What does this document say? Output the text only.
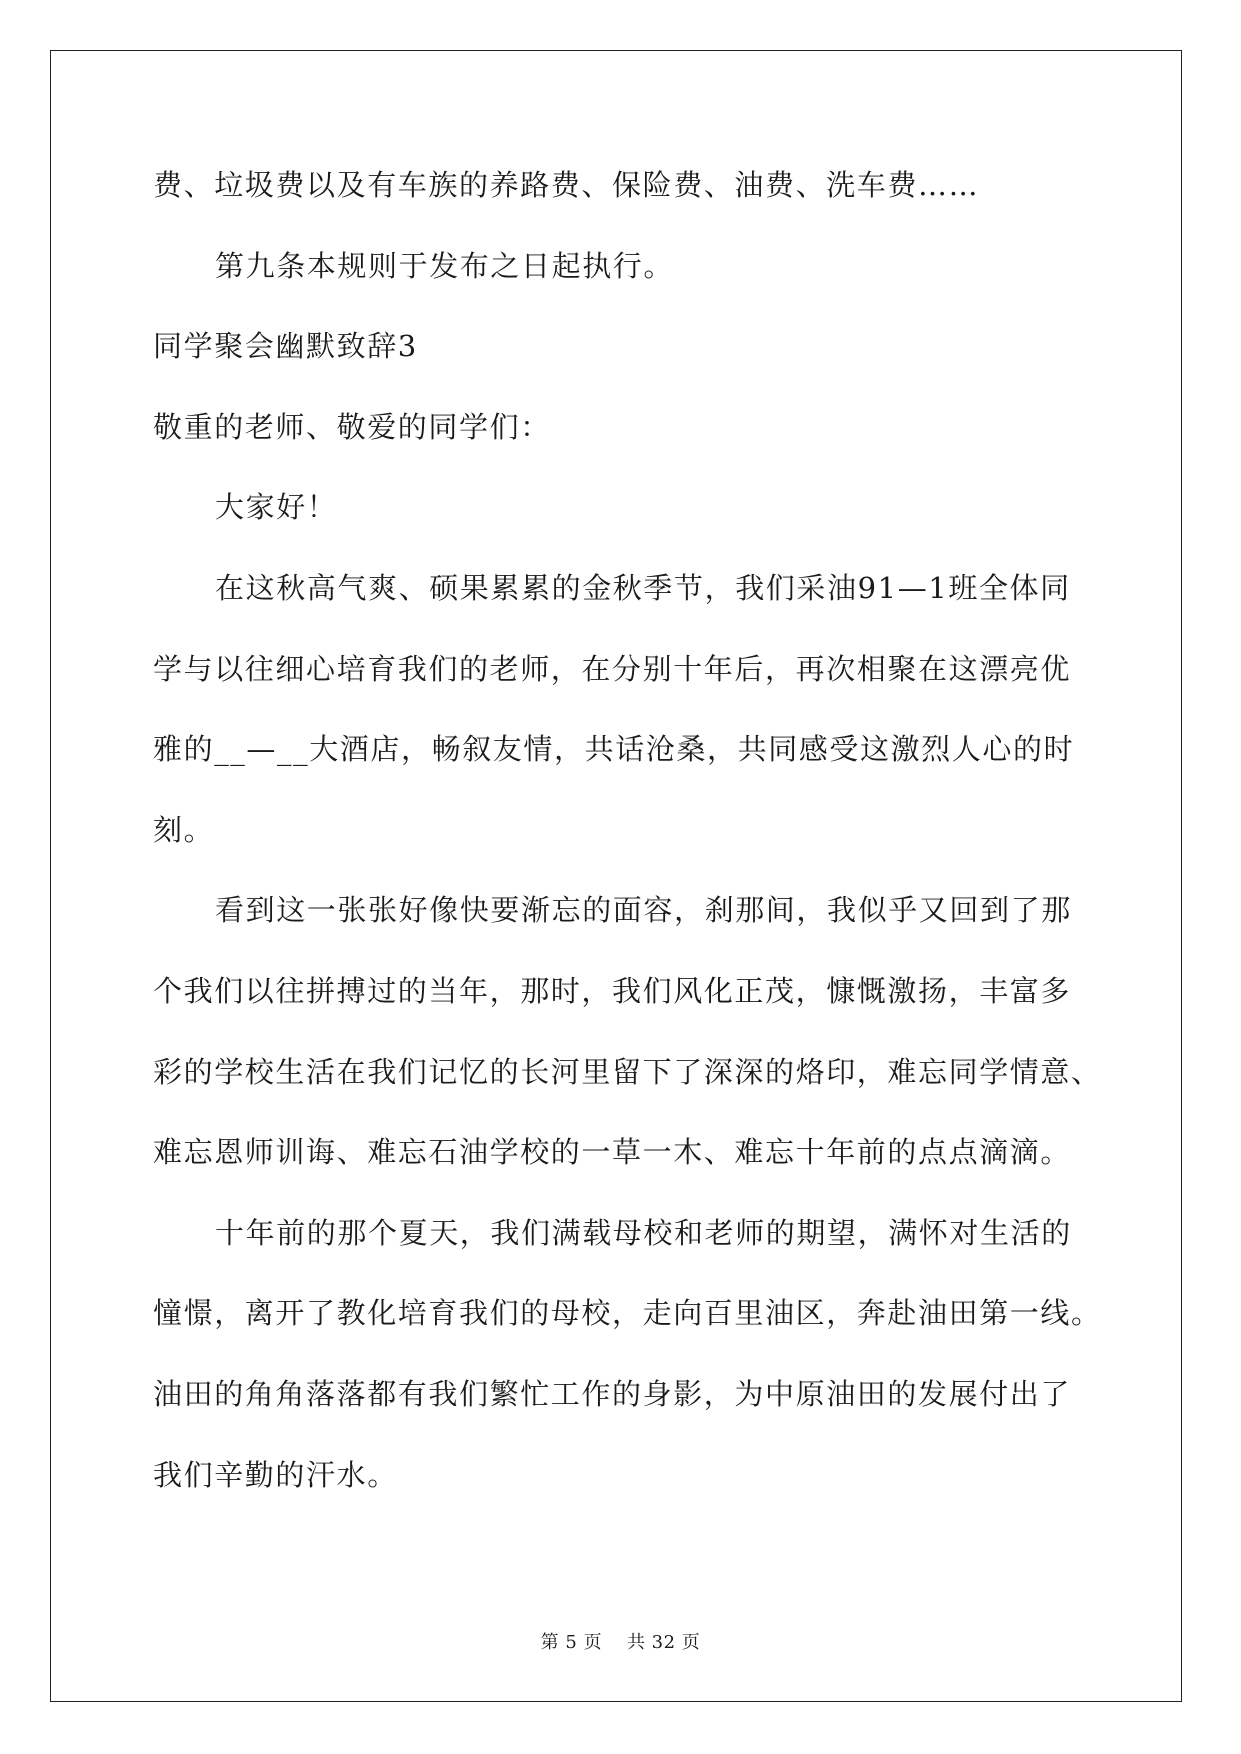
费、垃圾费以及有车族的养路费、保险费、油费、洗车费……
第九条本规则于发布之日起执行。
同学聚会幽默致辞3
敬重的老师、敬爱的同学们：
大家好！
在这秋高气爽、硕果累累的金秋季节，我们采油91—1班全体同
学与以往细心培育我们的老师，在分别十年后，再次相聚在这漂亮优
雅的__—__大酒店，畅叙友情，共话沧桑，共同感受这激烈人心的时
刻。
看到这一张张好像快要渐忘的面容，刹那间，我似乎又回到了那
个我们以往拼搏过的当年，那时，我们风化正茂，慷慨激扬，丰富多
彩的学校生活在我们记忆的长河里留下了深深的烙印，难忘同学情意、
难忘恩师训诲、难忘石油学校的一草一木、难忘十年前的点点滴滴。
十年前的那个夏天，我们满载母校和老师的期望，满怀对生活的
憧憬，离开了教化培育我们的母校，走向百里油区，奔赴油田第一线。
油田的角角落落都有我们繁忙工作的身影，为中原油田的发展付出了
我们辛勤的汗水。
第 5 页    共 32 页
